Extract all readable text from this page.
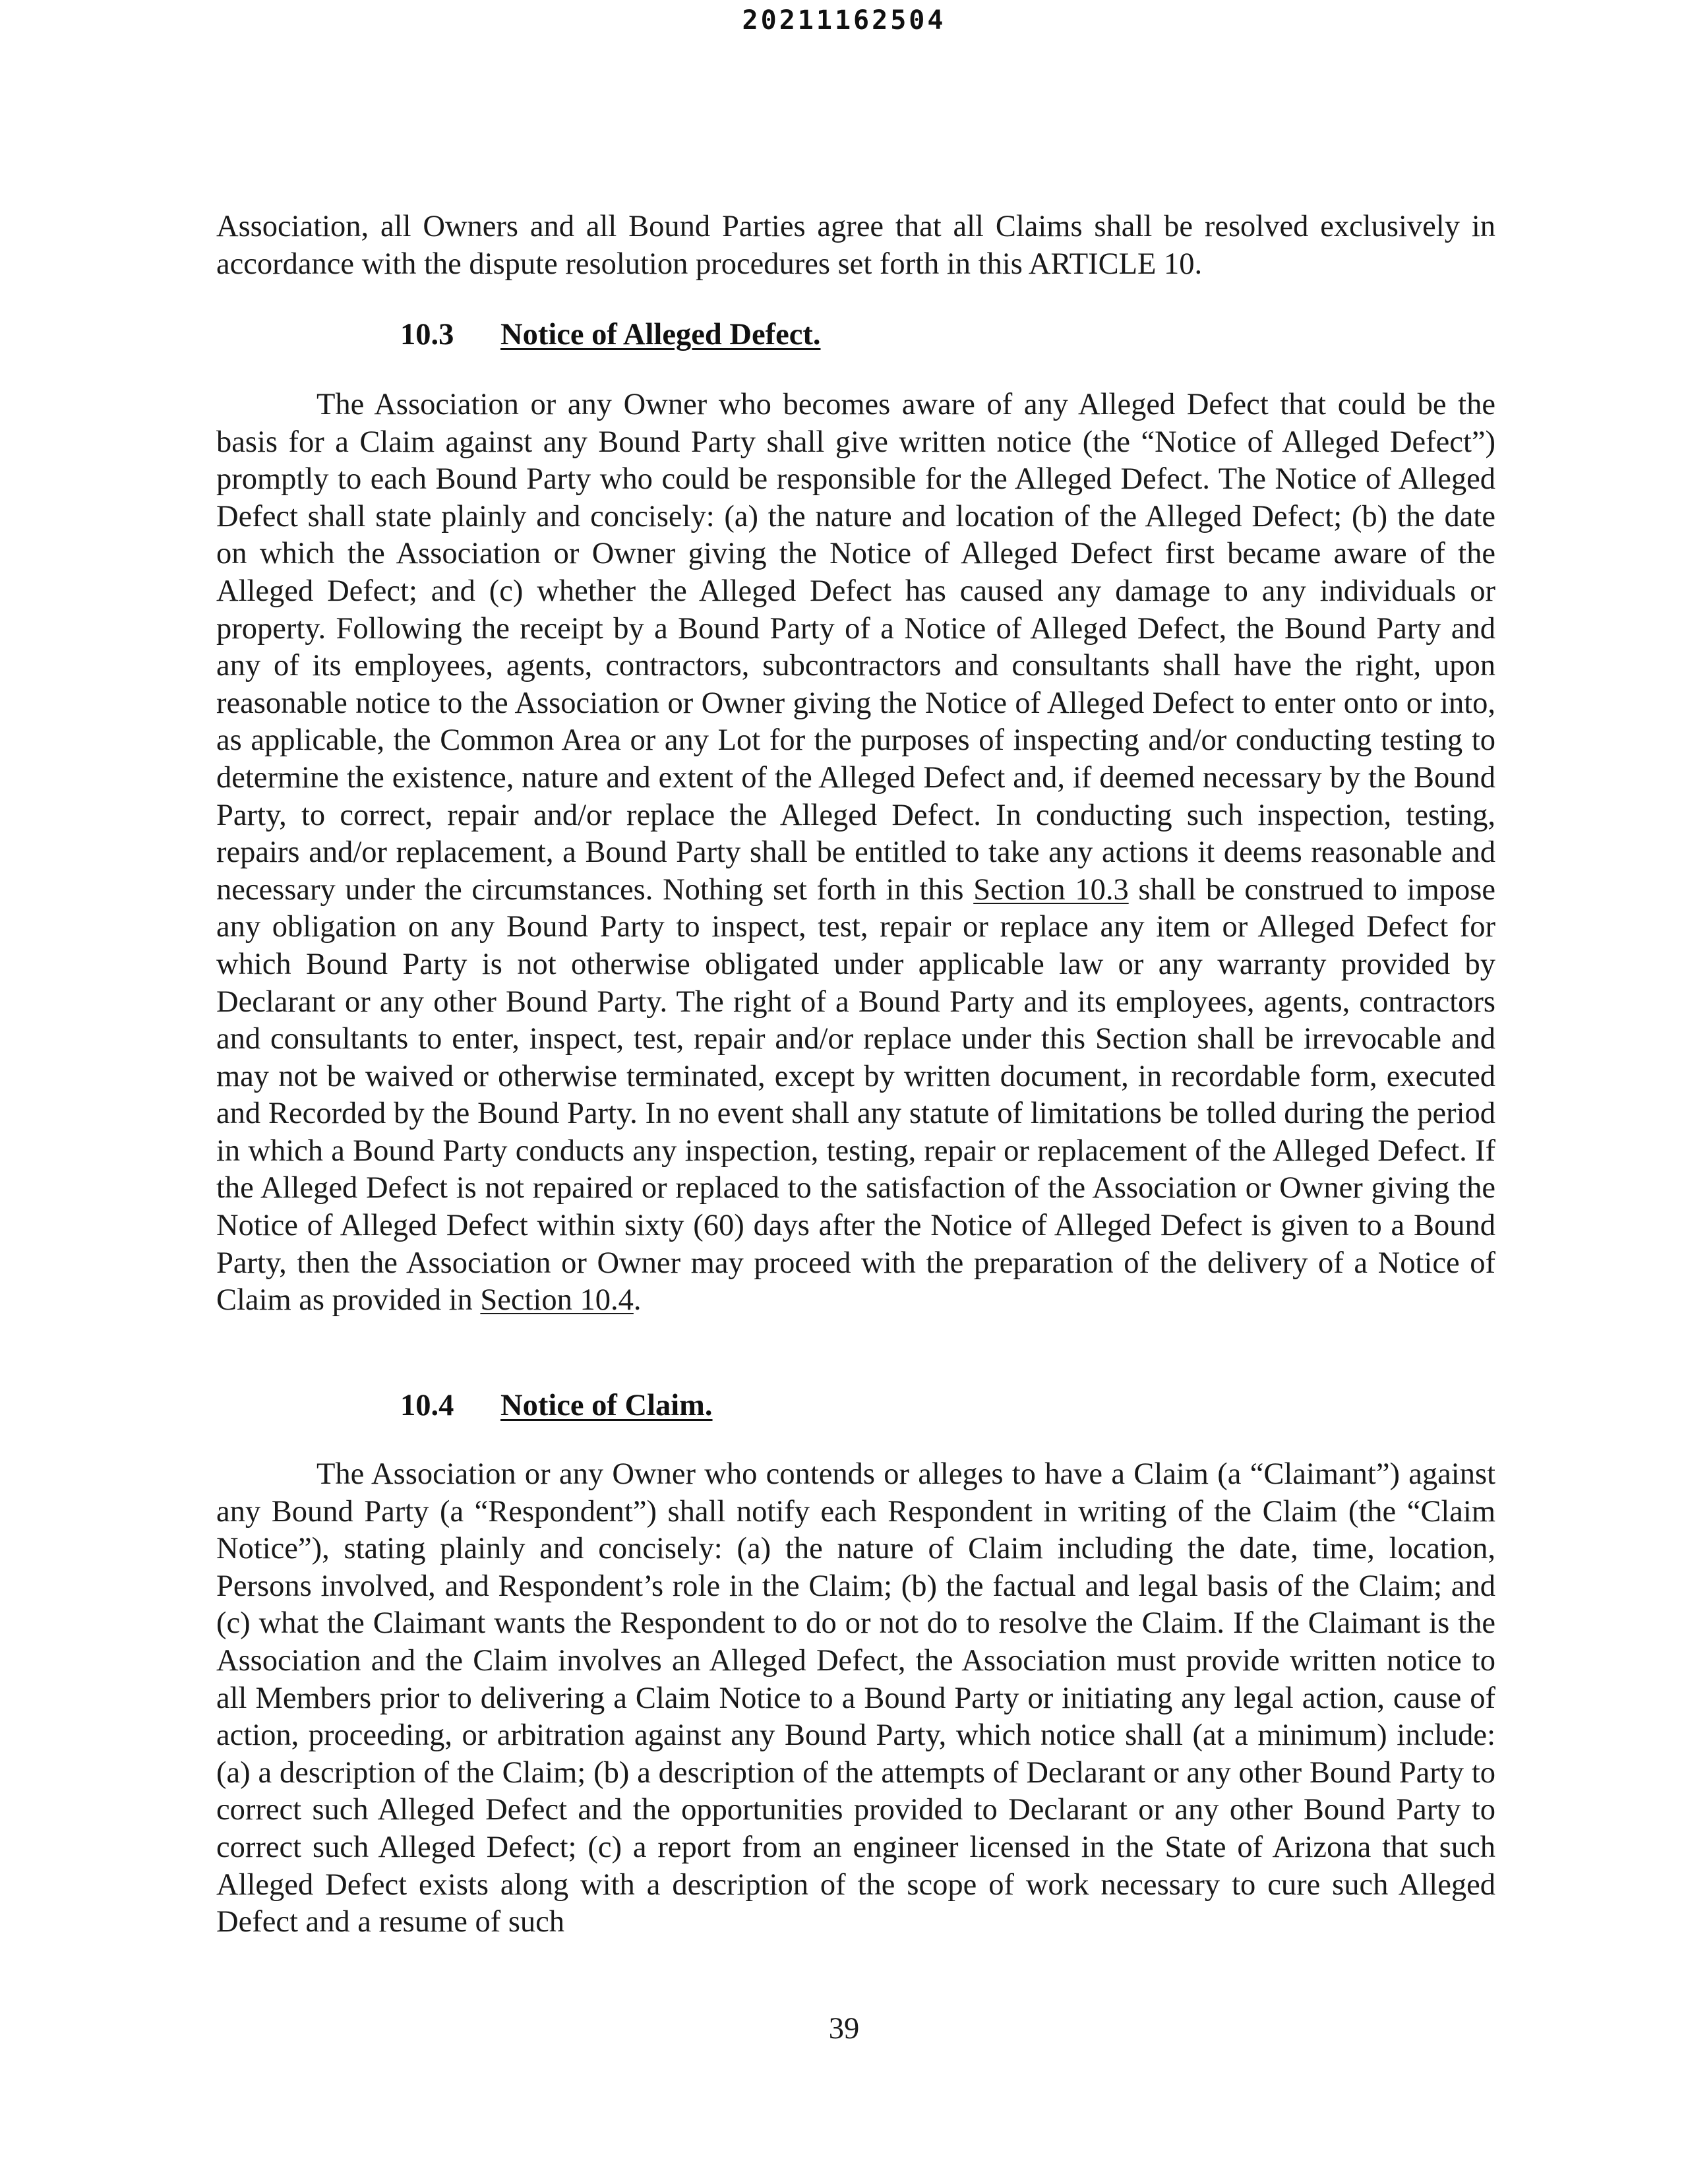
20211162504

Association, all Owners and all Bound Parties agree that all Claims shall be resolved exclusively in accordance with the dispute resolution procedures set forth in this ARTICLE 10.

10.3 Notice of Alleged Defect.

The Association or any Owner who becomes aware of any Alleged Defect that could be the basis for a Claim against any Bound Party shall give written notice (the “Notice of Alleged Defect”) promptly to each Bound Party who could be responsible for the Alleged Defect. The Notice of Alleged Defect shall state plainly and concisely: (a) the nature and location of the Alleged Defect; (b) the date on which the Association or Owner giving the Notice of Alleged Defect first became aware of the Alleged Defect; and (c) whether the Alleged Defect has caused any damage to any individuals or property. Following the receipt by a Bound Party of a Notice of Alleged Defect, the Bound Party and any of its employees, agents, contractors, subcontractors and consultants shall have the right, upon reasonable notice to the Association or Owner giving the Notice of Alleged Defect to enter onto or into, as applicable, the Common Area or any Lot for the purposes of inspecting and/or conducting testing to determine the existence, nature and extent of the Alleged Defect and, if deemed necessary by the Bound Party, to correct, repair and/or replace the Alleged Defect. In conducting such inspection, testing, repairs and/or replacement, a Bound Party shall be entitled to take any actions it deems reasonable and necessary under the circumstances. Nothing set forth in this Section 10.3 shall be construed to impose any obligation on any Bound Party to inspect, test, repair or replace any item or Alleged Defect for which Bound Party is not otherwise obligated under applicable law or any warranty provided by Declarant or any other Bound Party. The right of a Bound Party and its employees, agents, contractors and consultants to enter, inspect, test, repair and/or replace under this Section shall be irrevocable and may not be waived or otherwise terminated, except by written document, in recordable form, executed and Recorded by the Bound Party. In no event shall any statute of limitations be tolled during the period in which a Bound Party conducts any inspection, testing, repair or replacement of the Alleged Defect. If the Alleged Defect is not repaired or replaced to the satisfaction of the Association or Owner giving the Notice of Alleged Defect within sixty (60) days after the Notice of Alleged Defect is given to a Bound Party, then the Association or Owner may proceed with the preparation of the delivery of a Notice of Claim as provided in Section 10.4.

10.4 Notice of Claim.

The Association or any Owner who contends or alleges to have a Claim (a “Claimant”) against any Bound Party (a “Respondent”) shall notify each Respondent in writing of the Claim (the “Claim Notice”), stating plainly and concisely: (a) the nature of Claim including the date, time, location, Persons involved, and Respondent’s role in the Claim; (b) the factual and legal basis of the Claim; and (c) what the Claimant wants the Respondent to do or not do to resolve the Claim. If the Claimant is the Association and the Claim involves an Alleged Defect, the Association must provide written notice to all Members prior to delivering a Claim Notice to a Bound Party or initiating any legal action, cause of action, proceeding, or arbitration against any Bound Party, which notice shall (at a minimum) include: (a) a description of the Claim; (b) a description of the attempts of Declarant or any other Bound Party to correct such Alleged Defect and the opportunities provided to Declarant or any other Bound Party to correct such Alleged Defect; (c) a report from an engineer licensed in the State of Arizona that such Alleged Defect exists along with a description of the scope of work necessary to cure such Alleged Defect and a resume of such

39
